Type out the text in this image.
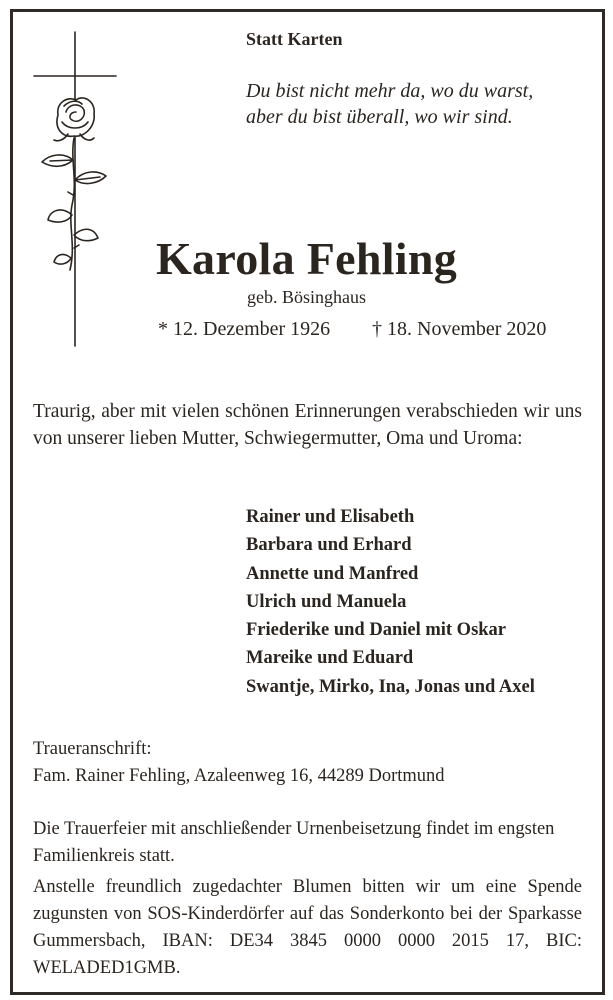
Statt Karten
Du bist nicht mehr da, wo du warst,
aber du bist überall, wo wir sind.
Karola Fehling
geb. Bösinghaus
* 12. Dezember 1926 † 18. November 2020
Traurig, aber mit vielen schönen Erinnerungen verabschieden wir uns von unserer lieben Mutter, Schwiegermutter, Oma und Uroma:
Rainer und Elisabeth
Barbara und Erhard
Annette und Manfred
Ulrich und Manuela
Friederike und Daniel mit Oskar
Mareike und Eduard
Swantje, Mirko, Ina, Jonas und Axel
Traueranschrift:
Fam. Rainer Fehling, Azaleenweg 16, 44289 Dortmund
Die Trauerfeier mit anschließender Urnenbeisetzung findet im engsten Familienkreis statt.
Anstelle freundlich zugedachter Blumen bitten wir um eine Spende zugunsten von SOS-Kinderdörfer auf das Sonderkonto bei der Sparkasse Gummersbach, IBAN: DE34 3845 0000 0000 2015 17, BIC: WELADED1GMB.
